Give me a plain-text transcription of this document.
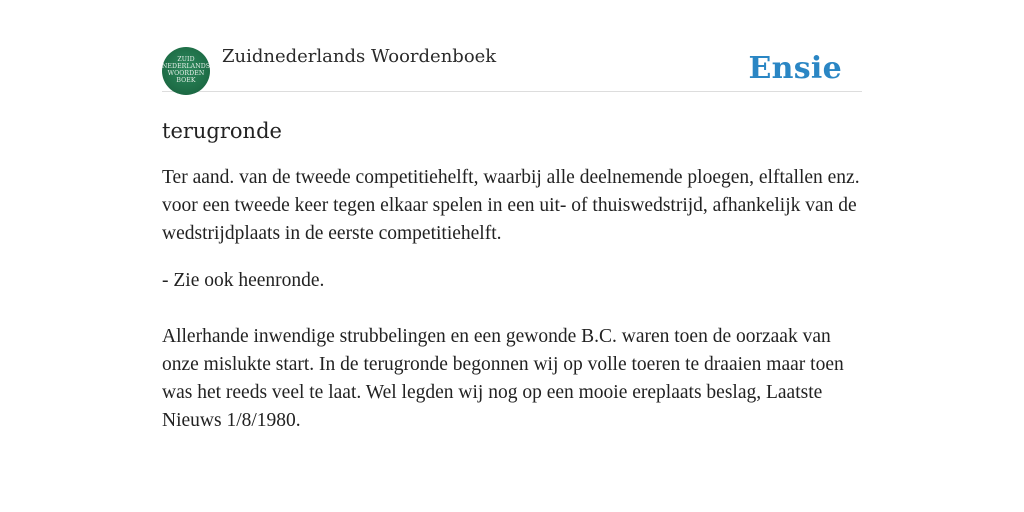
ZUID
NEDERLANDS
WOORDEN
BOEK
Zuidnederlands Woordenboek	Ensie
terugronde
Ter aand. van de tweede competitiehelft, waarbij alle deelnemende ploegen, elftallen enz. voor een tweede keer tegen elkaar spelen in een uit- of thuiswedstrijd, afhankelijk van de wedstrijdplaats in de eerste competitiehelft.
- Zie ook heenronde.
Allerhande inwendige strubbelingen en een gewonde B.C. waren toen de oorzaak van onze mislukte start. In de terugronde begonnen wij op volle toeren te draaien maar toen was het reeds veel te laat. Wel legden wij nog op een mooie ereplaats beslag, Laatste Nieuws 1/8/1980.
